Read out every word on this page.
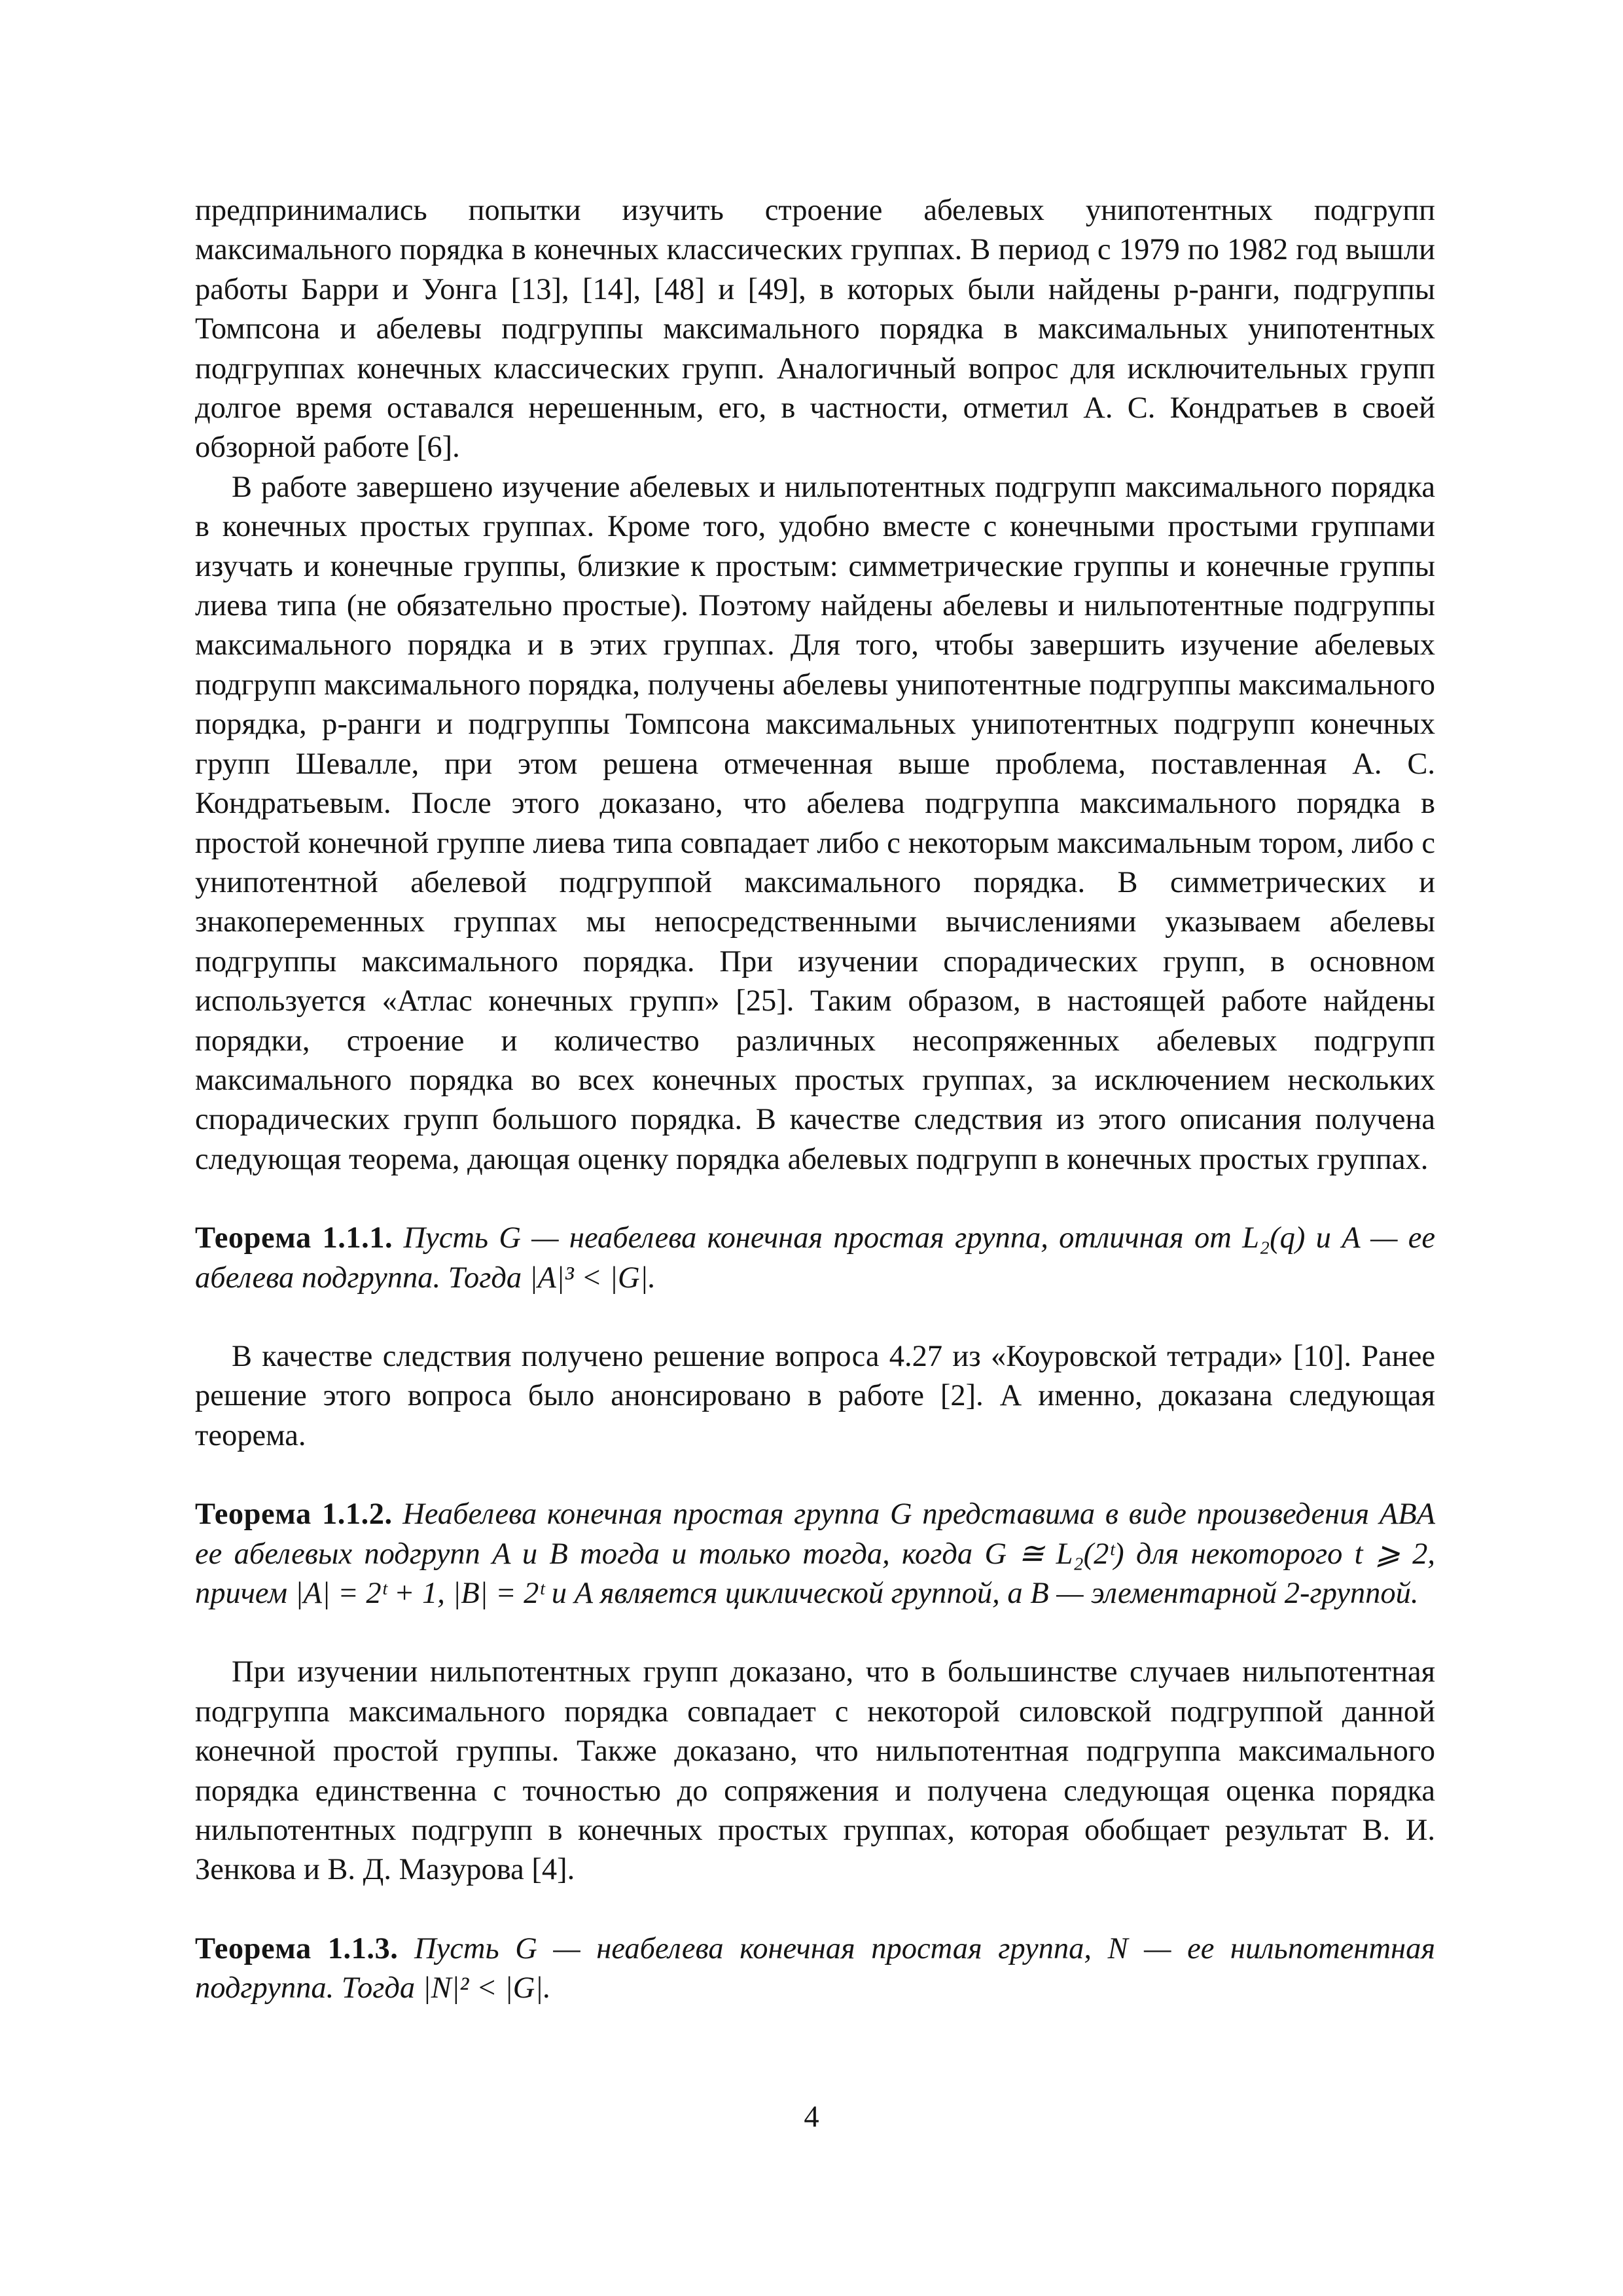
предпринимались попытки изучить строение абелевых унипотентных подгрупп максимального порядка в конечных классических группах. В период с 1979 по 1982 год вышли работы Барри и Уонга [13], [14], [48] и [49], в которых были найдены p-ранги, подгруппы Томпсона и абелевы подгруппы максимального порядка в максимальных унипотентных подгруппах конечных классических групп. Аналогичный вопрос для исключительных групп долгое время оставался нерешенным, его, в частности, отметил А. С. Кондратьев в своей обзорной работе [6].

В работе завершено изучение абелевых и нильпотентных подгрупп максимального порядка в конечных простых группах. Кроме того, удобно вместе с конечными простыми группами изучать и конечные группы, близкие к простым: симметрические группы и конечные группы лиева типа (не обязательно простые). Поэтому найдены абелевы и нильпотентные подгруппы максимального порядка и в этих группах. Для того, чтобы завершить изучение абелевых подгрупп максимального порядка, получены абелевы унипотентные подгруппы максимального порядка, p-ранги и подгруппы Томпсона максимальных унипотентных подгрупп конечных групп Шевалле, при этом решена отмеченная выше проблема, поставленная А. С. Кондратьевым. После этого доказано, что абелева подгруппа максимального порядка в простой конечной группе лиева типа совпадает либо с некоторым максимальным тором, либо с унипотентной абелевой подгруппой максимального порядка. В симметрических и знакопеременных группах мы непосредственными вычислениями указываем абелевы подгруппы максимального порядка. При изучении спорадических групп, в основном используется «Атлас конечных групп» [25]. Таким образом, в настоящей работе найдены порядки, строение и количество различных несопряженных абелевых подгрупп максимального порядка во всех конечных простых группах, за исключением нескольких спорадических групп большого порядка. В качестве следствия из этого описания получена следующая теорема, дающая оценку порядка абелевых подгрупп в конечных простых группах.

Теорема 1.1.1. Пусть G — неабелева конечная простая группа, отличная от L₂(q) и A — ее абелева подгруппа. Тогда |A|³ < |G|.

В качестве следствия получено решение вопроса 4.27 из «Коуровской тетради» [10]. Ранее решение этого вопроса было анонсировано в работе [2]. А именно, доказана следующая теорема.

Теорема 1.1.2. Неабелева конечная простая группа G представима в виде произведения ABA ее абелевых подгрупп A и B тогда и только тогда, когда G ≅ L₂(2ᵗ) для некоторого t ⩾ 2, причем |A| = 2ᵗ + 1, |B| = 2ᵗ и A является циклической группой, а B — элементарной 2-группой.

При изучении нильпотентных групп доказано, что в большинстве случаев нильпотентная подгруппа максимального порядка совпадает с некоторой силовской подгруппой данной конечной простой группы. Также доказано, что нильпотентная подгруппа максимального порядка единственна с точностью до сопряжения и получена следующая оценка порядка нильпотентных подгрупп в конечных простых группах, которая обобщает результат В. И. Зенкова и В. Д. Мазурова [4].

Теорема 1.1.3. Пусть G — неабелева конечная простая группа, N — ее нильпотентная подгруппа. Тогда |N|² < |G|.

4
